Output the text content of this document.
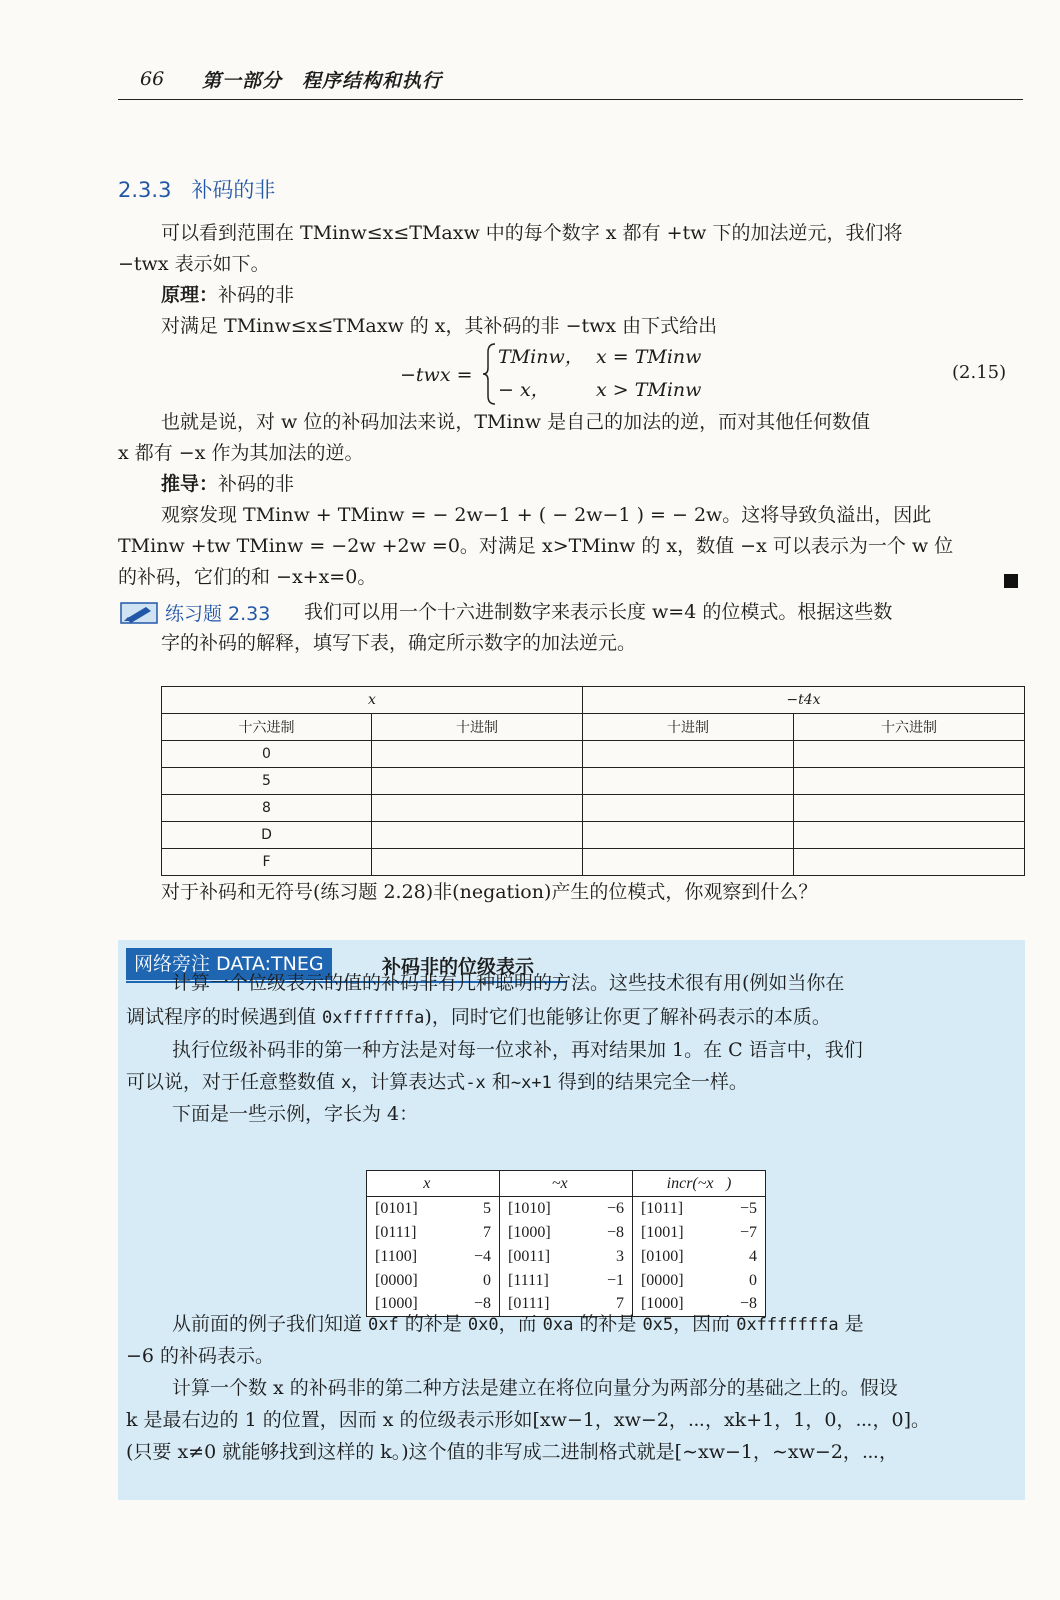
66 第一部分　程序结构和执行
2.3.3 补码的非
可以看到范围在 TMinw≤x≤TMaxw 中的每个数字 x 都有 +tw 下的加法逆元，我们将
−twx 表示如下。
原理：补码的非
对满足 TMinw≤x≤TMaxw 的 x，其补码的非 −twx 由下式给出
−twx =
TMinw， x = TMinw
− x， x > TMinw
(2.15)
也就是说，对 w 位的补码加法来说，TMinw 是自己的加法的逆，而对其他任何数值
x 都有 −x 作为其加法的逆。
推导：补码的非
观察发现 TMinw + TMinw = − 2w−1 + ( − 2w−1 ) = − 2w。这将导致负溢出，因此
TMinw +tw TMinw = −2w +2w =0。对满足 x>TMinw 的 x，数值 −x 可以表示为一个 w 位
的补码，它们的和 −x+x=0。
练习题 2.33 我们可以用一个十六进制数字来表示长度 w=4 的位模式。根据这些数
字的补码的解释，填写下表，确定所示数字的加法逆元。
x		−t4x	
十六进制	十进制	十进制	十六进制
0			
5			
8			
D			
F			
对于补码和无符号(练习题 2.28)非(negation)产生的位模式，你观察到什么？
网络旁注 DATA:TNEG	补码非的位级表示
计算一个位级表示的值的补码非有几种聪明的方法。这些技术很有用(例如当你在
调试程序的时候遇到值 0xfffffffa)，同时它们也能够让你更了解补码表示的本质。
执行位级补码非的第一种方法是对每一位求补，再对结果加 1。在 C 语言中，我们
可以说，对于任意整数值 x，计算表达式-x 和~x+1 得到的结果完全一样。
下面是一些示例，字长为 4：
x⃗		~x⃗		incr(~x⃗)	
[0101]	5	[1010]	−6	[1011]	−5
[0111]	7	[1000]	−8	[1001]	−7
[1100]	−4	[0011]	3	[0100]	4
[0000]	0	[1111]	−1	[0000]	0
[1000]	−8	[0111]	7	[1000]	−8
从前面的例子我们知道 0xf 的补是 0x0，而 0xa 的补是 0x5，因而 0xfffffffa 是
−6 的补码表示。
计算一个数 x 的补码非的第二种方法是建立在将位向量分为两部分的基础之上的。假设
k 是最右边的 1 的位置，因而 x 的位级表示形如[xw−1，xw−2，⋯，xk+1，1，0，⋯，0]。
(只要 x≠0 就能够找到这样的 k。)这个值的非写成二进制格式就是[∼xw−1，∼xw−2，⋯，
